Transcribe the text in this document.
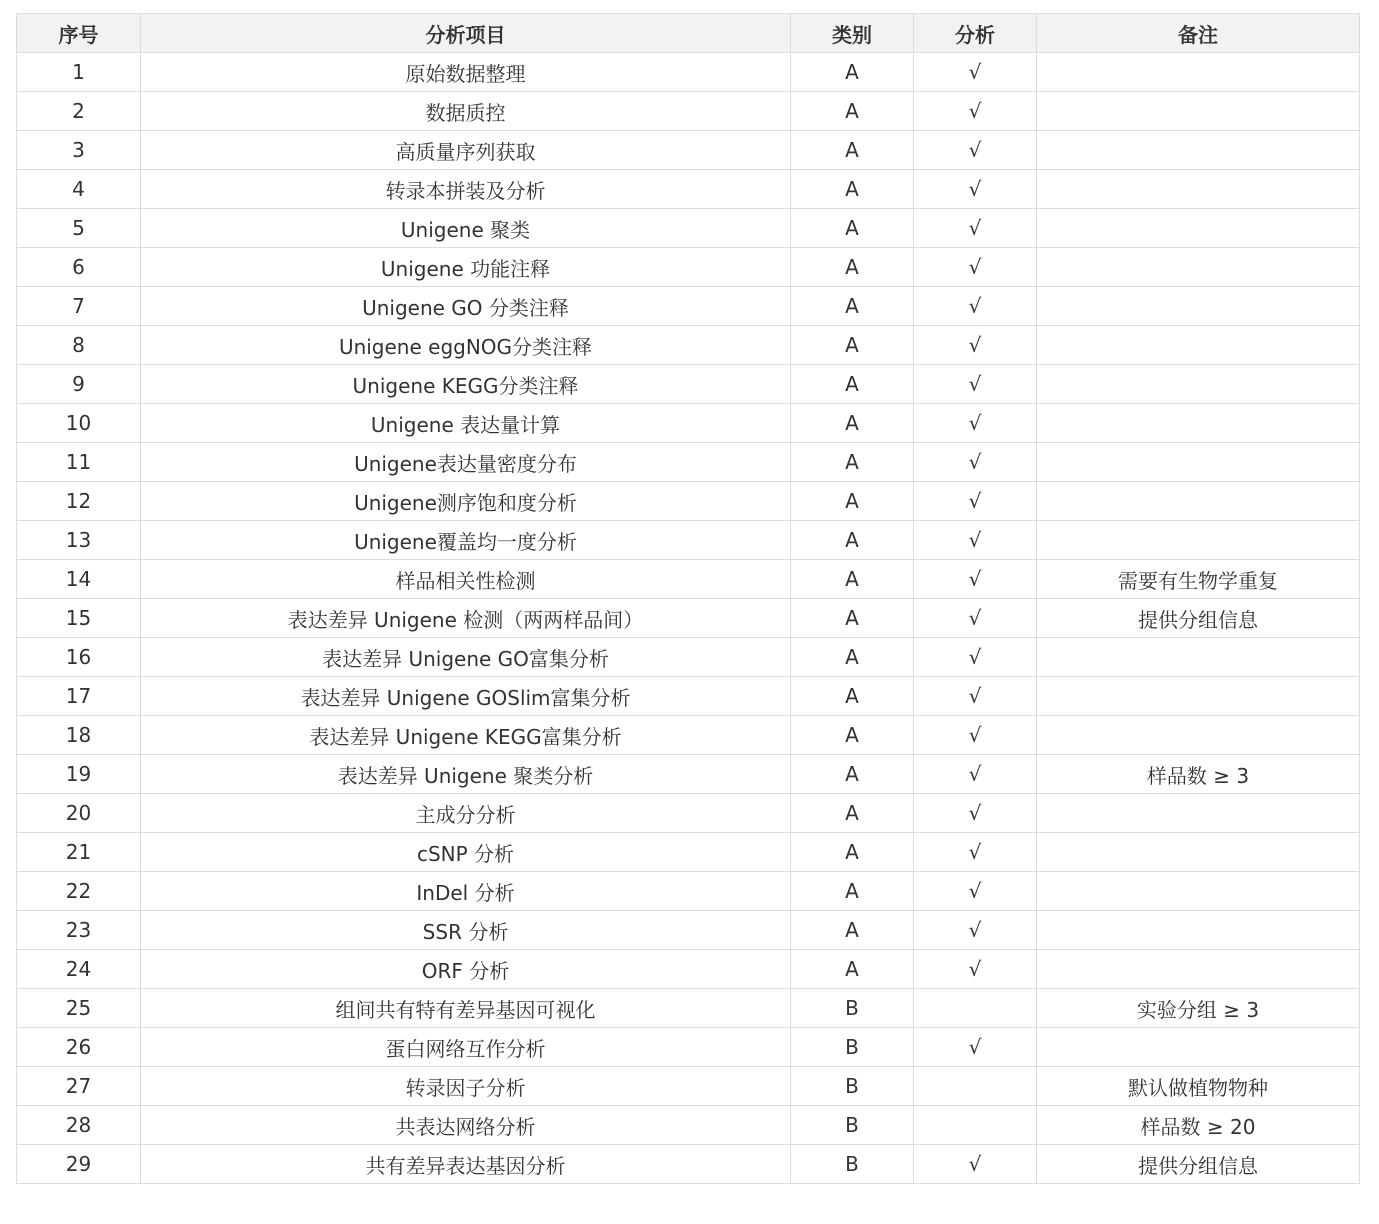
序号	分析项目	类别	分析	备注
1	原始数据整理	A	√	
2	数据质控	A	√	
3	高质量序列获取	A	√	
4	转录本拼装及分析	A	√	
5	Unigene 聚类	A	√	
6	Unigene 功能注释	A	√	
7	Unigene GO 分类注释	A	√	
8	Unigene eggNOG分类注释	A	√	
9	Unigene KEGG分类注释	A	√	
10	Unigene 表达量计算	A	√	
11	Unigene表达量密度分布	A	√	
12	Unigene测序饱和度分析	A	√	
13	Unigene覆盖均一度分析	A	√	
14	样品相关性检测	A	√	需要有生物学重复
15	表达差异 Unigene 检测（两两样品间）	A	√	提供分组信息
16	表达差异 Unigene GO富集分析	A	√	
17	表达差异 Unigene GOSlim富集分析	A	√	
18	表达差异 Unigene KEGG富集分析	A	√	
19	表达差异 Unigene 聚类分析	A	√	样品数 ≥ 3
20	主成分分析	A	√	
21	cSNP 分析	A	√	
22	InDel 分析	A	√	
23	SSR 分析	A	√	
24	ORF 分析	A	√	
25	组间共有特有差异基因可视化	B		实验分组 ≥ 3
26	蛋白网络互作分析	B	√	
27	转录因子分析	B		默认做植物物种
28	共表达网络分析	B		样品数 ≥ 20
29	共有差异表达基因分析	B	√	提供分组信息
